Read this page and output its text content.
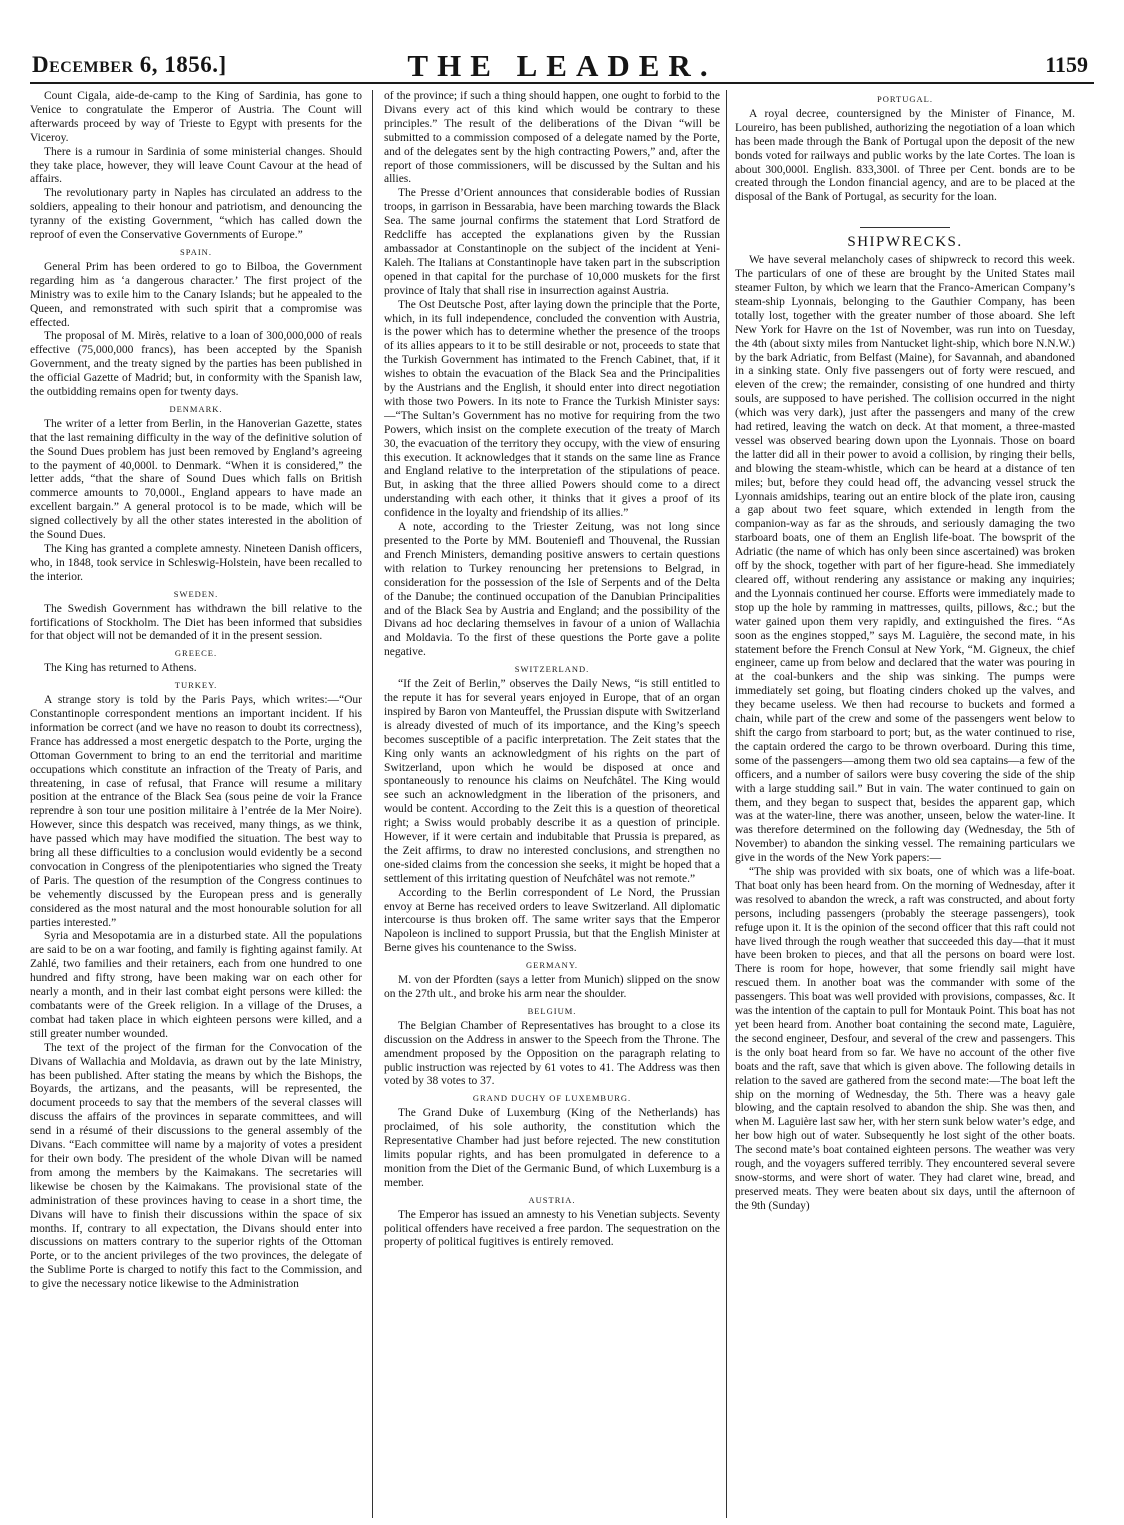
December 6, 1856.]	THE LEADER.	1159

Count Cigala, aide-de-camp to the King of Sardinia, has gone to Venice to congratulate the Emperor of Austria. The Count will afterwards proceed by way of Trieste to Egypt with presents for the Viceroy.

There is a rumour in Sardinia of some ministerial changes. Should they take place, however, they will leave Count Cavour at the head of affairs.

The revolutionary party in Naples has circulated an address to the soldiers, appealing to their honour and patriotism, and denouncing the tyranny of the existing Government, “which has called down the reproof of even the Conservative Governments of Europe.”

SPAIN.

General Prim has been ordered to go to Bilboa, the Government regarding him as ‘a dangerous character.’ The first project of the Ministry was to exile him to the Canary Islands; but he appealed to the Queen, and remonstrated with such spirit that a compromise was effected.

The proposal of M. Mirès, relative to a loan of 300,000,000 of reals effective (75,000,000 francs), has been accepted by the Spanish Government, and the treaty signed by the parties has been published in the official Gazette of Madrid; but, in conformity with the Spanish law, the outbidding remains open for twenty days.

DENMARK.

The writer of a letter from Berlin, in the Hanoverian Gazette, states that the last remaining difficulty in the way of the definitive solution of the Sound Dues problem has just been removed by England’s agreeing to the payment of 40,000l. to Denmark. “When it is considered,” the letter adds, “that the share of Sound Dues which falls on British commerce amounts to 70,000l., England appears to have made an excellent bargain.” A general protocol is to be made, which will be signed collectively by all the other states interested in the abolition of the Sound Dues.

The King has granted a complete amnesty. Nineteen Danish officers, who, in 1848, took service in Schleswig-Holstein, have been recalled to the interior.

SWEDEN.

The Swedish Government has withdrawn the bill relative to the fortifications of Stockholm. The Diet has been informed that subsidies for that object will not be demanded of it in the present session.

GREECE.

The King has returned to Athens.

TURKEY.

A strange story is told by the Paris Pays, which writes:—“Our Constantinople correspondent mentions an important incident. If his information be correct (and we have no reason to doubt its correctness), France has addressed a most energetic despatch to the Porte, urging the Ottoman Government to bring to an end the territorial and maritime occupations which constitute an infraction of the Treaty of Paris, and threatening, in case of refusal, that France will resume a military position at the entrance of the Black Sea (sous peine de voir la France reprendre à son tour une position militaire à l’entrée de la Mer Noire). However, since this despatch was received, many things, as we think, have passed which may have modified the situation. The best way to bring all these difficulties to a conclusion would evidently be a second convocation in Congress of the plenipotentiaries who signed the Treaty of Paris. The question of the resumption of the Congress continues to be vehemently discussed by the European press and is generally considered as the most natural and the most honourable solution for all parties interested.”

Syria and Mesopotamia are in a disturbed state. All the populations are said to be on a war footing, and family is fighting against family. At Zahlé, two families and their retainers, each from one hundred to one hundred and fifty strong, have been making war on each other for nearly a month, and in their last combat eight persons were killed: the combatants were of the Greek religion. In a village of the Druses, a combat had taken place in which eighteen persons were killed, and a still greater number wounded.

The text of the project of the firman for the Convocation of the Divans of Wallachia and Moldavia, as drawn out by the late Ministry, has been published. After stating the means by which the Bishops, the Boyards, the artizans, and the peasants, will be represented, the document proceeds to say that the members of the several classes will discuss the affairs of the provinces in separate committees, and will send in a résumé of their discussions to the general assembly of the Divans. “Each committee will name by a majority of votes a president for their own body. The president of the whole Divan will be named from among the members by the Kaimakans. The secretaries will likewise be chosen by the Kaimakans. The provisional state of the administration of these provinces having to cease in a short time, the Divans will have to finish their discussions within the space of six months. If, contrary to all expectation, the Divans should enter into discussions on matters contrary to the superior rights of the Ottoman Porte, or to the ancient privileges of the two provinces, the delegate of the Sublime Porte is charged to notify this fact to the Commission, and to give the necessary notice likewise to the Administration

of the province; if such a thing should happen, one ought to forbid to the Divans every act of this kind which would be contrary to these principles.” The result of the deliberations of the Divan “will be submitted to a commission composed of a delegate named by the Porte, and of the delegates sent by the high contracting Powers,” and, after the report of those commissioners, will be discussed by the Sultan and his allies.

The Presse d’Orient announces that considerable bodies of Russian troops, in garrison in Bessarabia, have been marching towards the Black Sea. The same journal confirms the statement that Lord Stratford de Redcliffe has accepted the explanations given by the Russian ambassador at Constantinople on the subject of the incident at Yeni-Kaleh. The Italians at Constantinople have taken part in the subscription opened in that capital for the purchase of 10,000 muskets for the first province of Italy that shall rise in insurrection against Austria.

The Ost Deutsche Post, after laying down the principle that the Porte, which, in its full independence, concluded the convention with Austria, is the power which has to determine whether the presence of the troops of its allies appears to it to be still desirable or not, proceeds to state that the Turkish Government has intimated to the French Cabinet, that, if it wishes to obtain the evacuation of the Black Sea and the Principalities by the Austrians and the English, it should enter into direct negotiation with those two Powers. In its note to France the Turkish Minister says:—“The Sultan’s Government has no motive for requiring from the two Powers, which insist on the complete execution of the treaty of March 30, the evacuation of the territory they occupy, with the view of ensuring this execution. It acknowledges that it stands on the same line as France and England relative to the interpretation of the stipulations of peace. But, in asking that the three allied Powers should come to a direct understanding with each other, it thinks that it gives a proof of its confidence in the loyalty and friendship of its allies.”

A note, according to the Triester Zeitung, was not long since presented to the Porte by MM. Bouteniefl and Thouvenal, the Russian and French Ministers, demanding positive answers to certain questions with relation to Turkey renouncing her pretensions to Belgrad, in consideration for the possession of the Isle of Serpents and of the Delta of the Danube; the continued occupation of the Danubian Principalities and of the Black Sea by Austria and England; and the possibility of the Divans ad hoc declaring themselves in favour of a union of Wallachia and Moldavia. To the first of these questions the Porte gave a polite negative.

SWITZERLAND.

“If the Zeit of Berlin,” observes the Daily News, “is still entitled to the repute it has for several years enjoyed in Europe, that of an organ inspired by Baron von Manteuffel, the Prussian dispute with Switzerland is already divested of much of its importance, and the King’s speech becomes susceptible of a pacific interpretation. The Zeit states that the King only wants an acknowledgment of his rights on the part of Switzerland, upon which he would be disposed at once and spontaneously to renounce his claims on Neufchâtel. The King would see such an acknowledgment in the liberation of the prisoners, and would be content. According to the Zeit this is a question of theoretical right; a Swiss would probably describe it as a question of principle. However, if it were certain and indubitable that Prussia is prepared, as the Zeit affirms, to draw no interested conclusions, and strengthen no one-sided claims from the concession she seeks, it might be hoped that a settlement of this irritating question of Neufchâtel was not remote.”

According to the Berlin correspondent of Le Nord, the Prussian envoy at Berne has received orders to leave Switzerland. All diplomatic intercourse is thus broken off. The same writer says that the Emperor Napoleon is inclined to support Prussia, but that the English Minister at Berne gives his countenance to the Swiss.

GERMANY.

M. von der Pfordten (says a letter from Munich) slipped on the snow on the 27th ult., and broke his arm near the shoulder.

BELGIUM.

The Belgian Chamber of Representatives has brought to a close its discussion on the Address in answer to the Speech from the Throne. The amendment proposed by the Opposition on the paragraph relating to public instruction was rejected by 61 votes to 41. The Address was then voted by 38 votes to 37.

GRAND DUCHY OF LUXEMBURG.

The Grand Duke of Luxemburg (King of the Netherlands) has proclaimed, of his sole authority, the constitution which the Representative Chamber had just before rejected. The new constitution limits popular rights, and has been promulgated in deference to a monition from the Diet of the Germanic Bund, of which Luxemburg is a member.

AUSTRIA.

The Emperor has issued an amnesty to his Venetian subjects. Seventy political offenders have received a free pardon. The sequestration on the property of political fugitives is entirely removed.

PORTUGAL.

A royal decree, countersigned by the Minister of Finance, M. Loureiro, has been published, authorizing the negotiation of a loan which has been made through the Bank of Portugal upon the deposit of the new bonds voted for railways and public works by the late Cortes. The loan is about 300,000l. English. 833,300l. of Three per Cent. bonds are to be created through the London financial agency, and are to be placed at the disposal of the Bank of Portugal, as security for the loan.

SHIPWRECKS.

We have several melancholy cases of shipwreck to record this week. The particulars of one of these are brought by the United States mail steamer Fulton, by which we learn that the Franco-American Company’s steam-ship Lyonnais, belonging to the Gauthier Company, has been totally lost, together with the greater number of those aboard. She left New York for Havre on the 1st of November, was run into on Tuesday, the 4th (about sixty miles from Nantucket light-ship, which bore N.N.W.) by the bark Adriatic, from Belfast (Maine), for Savannah, and abandoned in a sinking state. Only five passengers out of forty were rescued, and eleven of the crew; the remainder, consisting of one hundred and thirty souls, are supposed to have perished. The collision occurred in the night (which was very dark), just after the passengers and many of the crew had retired, leaving the watch on deck. At that moment, a three-masted vessel was observed bearing down upon the Lyonnais. Those on board the latter did all in their power to avoid a collision, by ringing their bells, and blowing the steam-whistle, which can be heard at a distance of ten miles; but, before they could head off, the advancing vessel struck the Lyonnais amidships, tearing out an entire block of the plate iron, causing a gap about two feet square, which extended in length from the companion-way as far as the shrouds, and seriously damaging the two starboard boats, one of them an English life-boat. The bowsprit of the Adriatic (the name of which has only been since ascertained) was broken off by the shock, together with part of her figure-head. She immediately cleared off, without rendering any assistance or making any inquiries; and the Lyonnais continued her course. Efforts were immediately made to stop up the hole by ramming in mattresses, quilts, pillows, &c.; but the water gained upon them very rapidly, and extinguished the fires. “As soon as the engines stopped,” says M. Laguière, the second mate, in his statement before the French Consul at New York, “M. Gigneux, the chief engineer, came up from below and declared that the water was pouring in at the coal-bunkers and the ship was sinking. The pumps were immediately set going, but floating cinders choked up the valves, and they became useless. We then had recourse to buckets and formed a chain, while part of the crew and some of the passengers went below to shift the cargo from starboard to port; but, as the water continued to rise, the captain ordered the cargo to be thrown overboard. During this time, some of the passengers—among them two old sea captains—a few of the officers, and a number of sailors were busy covering the side of the ship with a large studding sail.” But in vain. The water continued to gain on them, and they began to suspect that, besides the apparent gap, which was at the water-line, there was another, unseen, below the water-line. It was therefore determined on the following day (Wednesday, the 5th of November) to abandon the sinking vessel. The remaining particulars we give in the words of the New York papers:—

“The ship was provided with six boats, one of which was a life-boat. That boat only has been heard from. On the morning of Wednesday, after it was resolved to abandon the wreck, a raft was constructed, and about forty persons, including passengers (probably the steerage passengers), took refuge upon it. It is the opinion of the second officer that this raft could not have lived through the rough weather that succeeded this day—that it must have been broken to pieces, and that all the persons on board were lost. There is room for hope, however, that some friendly sail might have rescued them. In another boat was the commander with some of the passengers. This boat was well provided with provisions, compasses, &c. It was the intention of the captain to pull for Montauk Point. This boat has not yet been heard from. Another boat containing the second mate, Laguière, the second engineer, Desfour, and several of the crew and passengers. This is the only boat heard from so far. We have no account of the other five boats and the raft, save that which is given above. The following details in relation to the saved are gathered from the second mate:—The boat left the ship on the morning of Wednesday, the 5th. There was a heavy gale blowing, and the captain resolved to abandon the ship. She was then, and when M. Laguière last saw her, with her stern sunk below water’s edge, and her bow high out of water. Subsequently he lost sight of the other boats. The second mate’s boat contained eighteen persons. The weather was very rough, and the voyagers suffered terribly. They encountered several severe snow-storms, and were short of water. They had claret wine, bread, and preserved meats. They were beaten about six days, until the afternoon of the 9th (Sunday)
